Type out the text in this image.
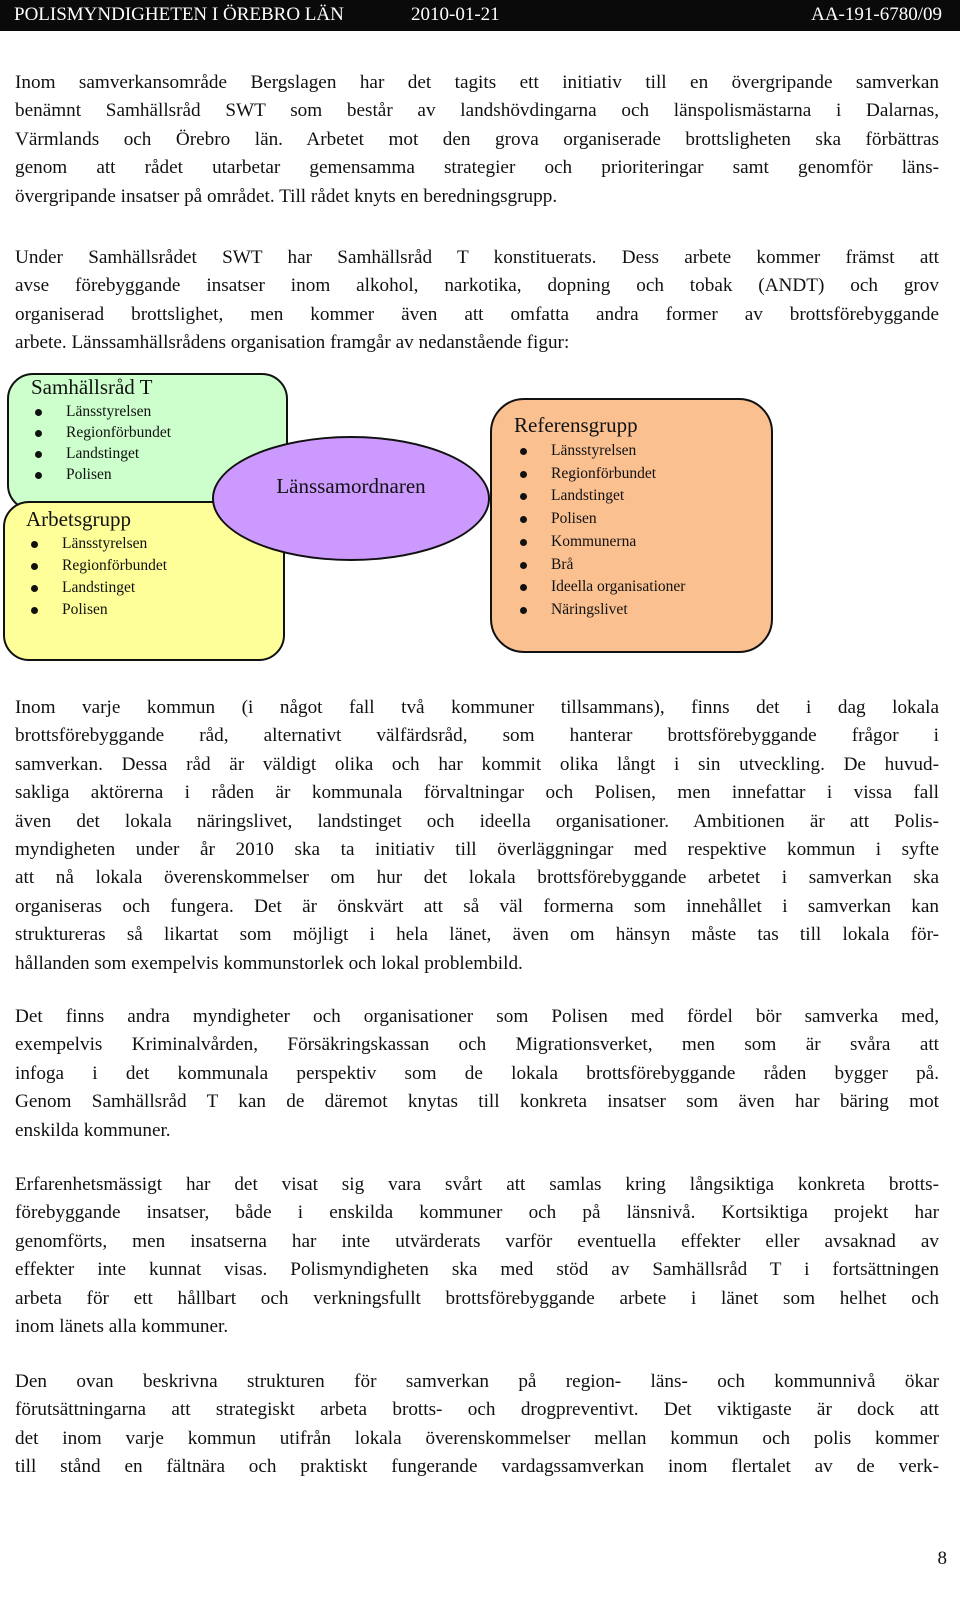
POLISMYNDIGHETEN I ÖREBRO LÄN	2010-01-21	AA-191-6780/09
Inom samverkansområde Bergslagen har det tagits ett initiativ till en övergripande samverkan
benämnt Samhällsråd SWT som består av landshövdingarna och länspolismästarna i Dalarnas,
Värmlands och Örebro län. Arbetet mot den grova organiserade brottsligheten ska förbättras
genom att rådet utarbetar gemensamma strategier och prioriteringar samt genomför läns-
övergripande insatser på området. Till rådet knyts en beredningsgrupp.
Under Samhällsrådet SWT har Samhällsråd T konstituerats. Dess arbete kommer främst att
avse förebyggande insatser inom alkohol, narkotika, dopning och tobak (ANDT) och grov
organiserad brottslighet, men kommer även att omfatta andra former av brottsförebyggande
arbete. Länssamhällsrådens organisation framgår av nedanstående figur:
Samhällsråd T
Länsstyrelsen
Regionförbundet
Landstinget
Polisen
Arbetsgrupp
Länsstyrelsen
Regionförbundet
Landstinget
Polisen
Länssamordnaren
Referensgrupp
Länsstyrelsen
Regionförbundet
Landstinget
Polisen
Kommunerna
Brå
Ideella organisationer
Näringslivet
Inom varje kommun (i något fall två kommuner tillsammans), finns det i dag lokala
brottsförebyggande råd, alternativt välfärdsråd, som hanterar brottsförebyggande frågor i
samverkan. Dessa råd är väldigt olika och har kommit olika långt i sin utveckling. De huvud-
sakliga aktörerna i råden är kommunala förvaltningar och Polisen, men innefattar i vissa fall
även det lokala näringslivet, landstinget och ideella organisationer. Ambitionen är att Polis-
myndigheten under år 2010 ska ta initiativ till överläggningar med respektive kommun i syfte
att nå lokala överenskommelser om hur det lokala brottsförebyggande arbetet i samverkan ska
organiseras och fungera. Det är önskvärt att så väl formerna som innehållet i samverkan kan
struktureras så likartat som möjligt i hela länet, även om hänsyn måste tas till lokala för-
hållanden som exempelvis kommunstorlek och lokal problembild.
Det finns andra myndigheter och organisationer som Polisen med fördel bör samverka med,
exempelvis Kriminalvården, Försäkringskassan och Migrationsverket, men som är svåra att
infoga i det kommunala perspektiv som de lokala brottsförebyggande råden bygger på.
Genom Samhällsråd T kan de däremot knytas till konkreta insatser som även har bäring mot
enskilda kommuner.
Erfarenhetsmässigt har det visat sig vara svårt att samlas kring långsiktiga konkreta brotts-
förebyggande insatser, både i enskilda kommuner och på länsnivå. Kortsiktiga projekt har
genomförts, men insatserna har inte utvärderats varför eventuella effekter eller avsaknad av
effekter inte kunnat visas. Polismyndigheten ska med stöd av Samhällsråd T i fortsättningen
arbeta för ett hållbart och verkningsfullt brottsförebyggande arbete i länet som helhet och
inom länets alla kommuner.
Den ovan beskrivna strukturen för samverkan på region- läns- och kommunnivå ökar
förutsättningarna att strategiskt arbeta brotts- och drogpreventivt. Det viktigaste är dock att
det inom varje kommun utifrån lokala överenskommelser mellan kommun och polis kommer
till stånd en fältnära och praktiskt fungerande vardagssamverkan inom flertalet av de verk-
8
